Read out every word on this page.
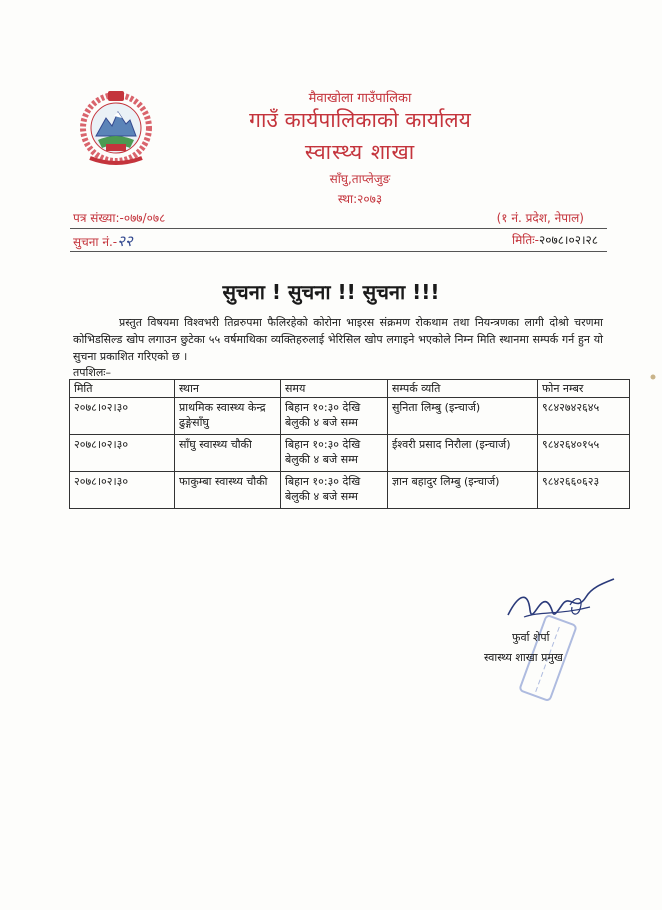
मैवाखोला गाउँपालिका
गाउँ कार्यपालिकाको कार्यालय
स्वास्थ्य शाखा
साँघु,ताप्लेजुङ
स्था:२०७३
पत्र संख्या:-०७७/०७८
सुचना नं.-२२
(१ नं. प्रदेश, नेपाल)
मितिः-२०७८।०२।२८
सुचना ! सुचना !! सुचना !!!
प्रस्तुत विषयमा विश्वभरी तिव्ररुपमा फैलिरहेको कोरोना भाइरस संक्रमण रोकथाम तथा नियन्त्रणका लागी दोश्रो चरणमा कोभिडसिल्ड खोप लगाउन छुटेका ५५ वर्षमाथिका व्यक्तिहरुलाई भेरिसिल खोप लगाइने भएकोले निम्न मिति स्थानमा सम्पर्क गर्न हुन यो सुचना प्रकाशित गरिएको छ ।
तपशिलः–
मिति	स्थान	समय	सम्पर्क व्यति	फोन नम्बर
२०७८।०२।३०	प्राथमिक स्वास्थ्य केन्द्र ढुङ्गेसाँघु	बिहान १०:३० देखि बेलुकी ४ बजे सम्म	सुनिता लिम्बु (इन्चार्ज)	९८४२७४२६४५
२०७८।०२।३०	साँघु स्वास्थ्य चौकी	बिहान १०:३० देखि बेलुकी ४ बजे सम्म	ईश्वरी प्रसाद निरौला (इन्चार्ज)	९८४२६४०१५५
२०७८।०२।३०	फाकुम्बा स्वास्थ्य चौकी	बिहान १०:३० देखि बेलुकी ४ बजे सम्म	ज्ञान बहादुर लिम्बु (इन्चार्ज)	९८४२६६०६२३
फुर्वा शेर्पा
स्वास्थ्य शाखा प्रमुख
